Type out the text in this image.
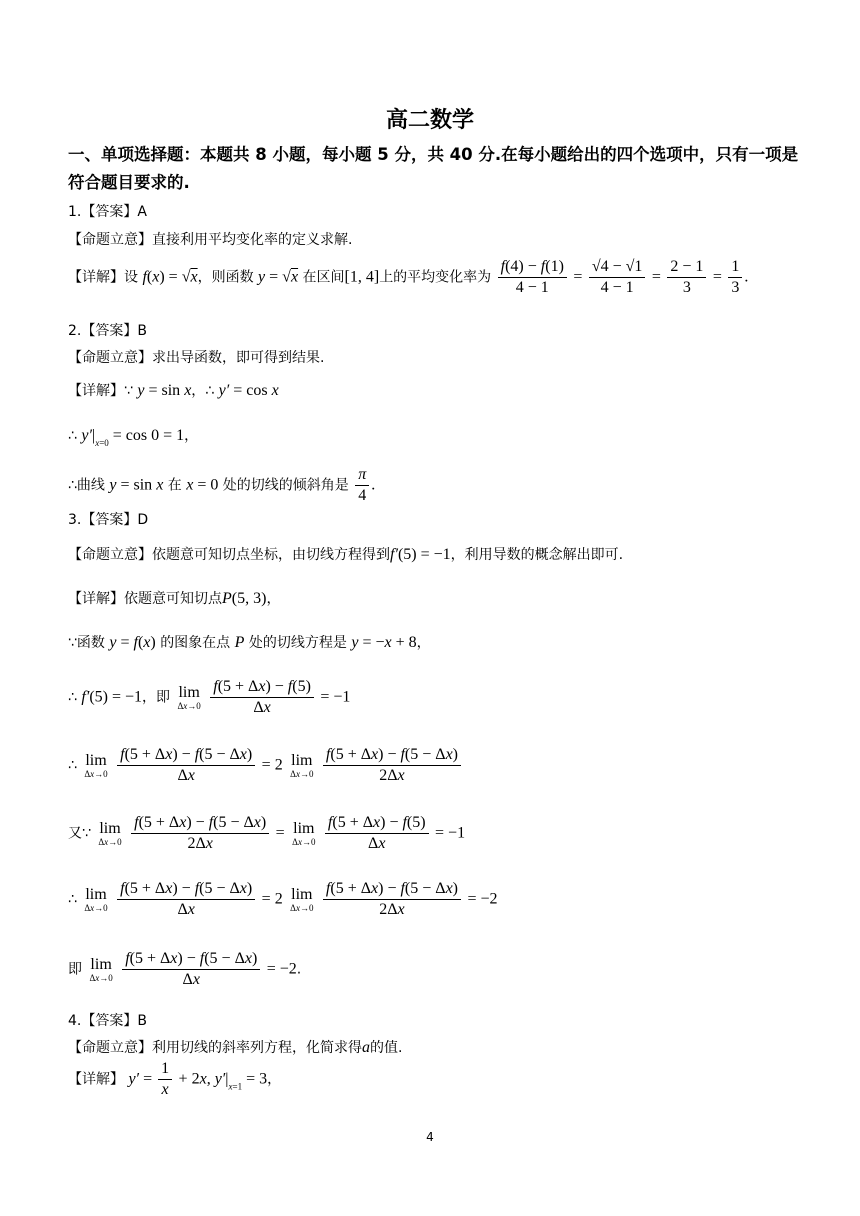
高二数学
一、单项选择题：本题共 8 小题，每小题 5 分，共 40 分.在每小题给出的四个选项中，只有一项是符合题目要求的.
1.【答案】A
【命题立意】直接利用平均变化率的定义求解.
【详解】设 f(x) = √x，则函数 y = √x 在区间[1, 4]上的平均变化率为 $\frac{f(4) - f(1)}{4 - 1} = \frac{√4 - √1}{4 - 1} = \frac{2 - 1}{3} = \frac{1}{3}$ .
2.【答案】B
【命题立意】求出导函数，即可得到结果.
【详解】∵ y = sin x，∴ y′ = cos x
∴ $y'|_{x=0} = \cos 0 = 1$，
∴曲线 y = sin x 在 x = 0 处的切线的倾斜角是 $\frac{\pi}{4}$ .
3.【答案】D
【命题立意】依题意可知切点坐标，由切线方程得到f′(5) = −1，利用导数的概念解出即可.
【详解】依题意可知切点P(5, 3)，
∵函数 y = f(x) 的图象在点 P 处的切线方程是 y = −x + 8，
∴ f′(5) = −1，即 lim
Δx→0
$\frac{f(5 + \Delta x) - f(5)}{\Delta x} = -1$
∴ lim
Δx→0
$\frac{f(5 + \Delta x) - f(5 - \Delta x)}{\Delta x} = 2$ lim
Δx→0
$\frac{f(5 + \Delta x) - f(5 - \Delta x)}{2\Delta x}$
又∵ lim
Δx→0
$\frac{f(5 + \Delta x) - f(5 - \Delta x)}{2\Delta x} = \lim$
Δx→0
$\frac{f(5 + \Delta x) - f(5)}{\Delta x} = -1$
∴ lim
Δx→0
$\frac{f(5 + \Delta x) - f(5 - \Delta x)}{\Delta x} = 2$ lim
Δx→0
$\frac{f(5 + \Delta x) - f(5 - \Delta x)}{2\Delta x} = -2$
即 lim
Δx→0
$\frac{f(5 + \Delta x) - f(5 - \Delta x)}{\Delta x} = -2$.
4.【答案】B
【命题立意】利用切线的斜率列方程，化简求得a的值.
【详解】 $y' = \frac{1}{x} + 2x$, $y'|_{x=1} = 3$，
4
